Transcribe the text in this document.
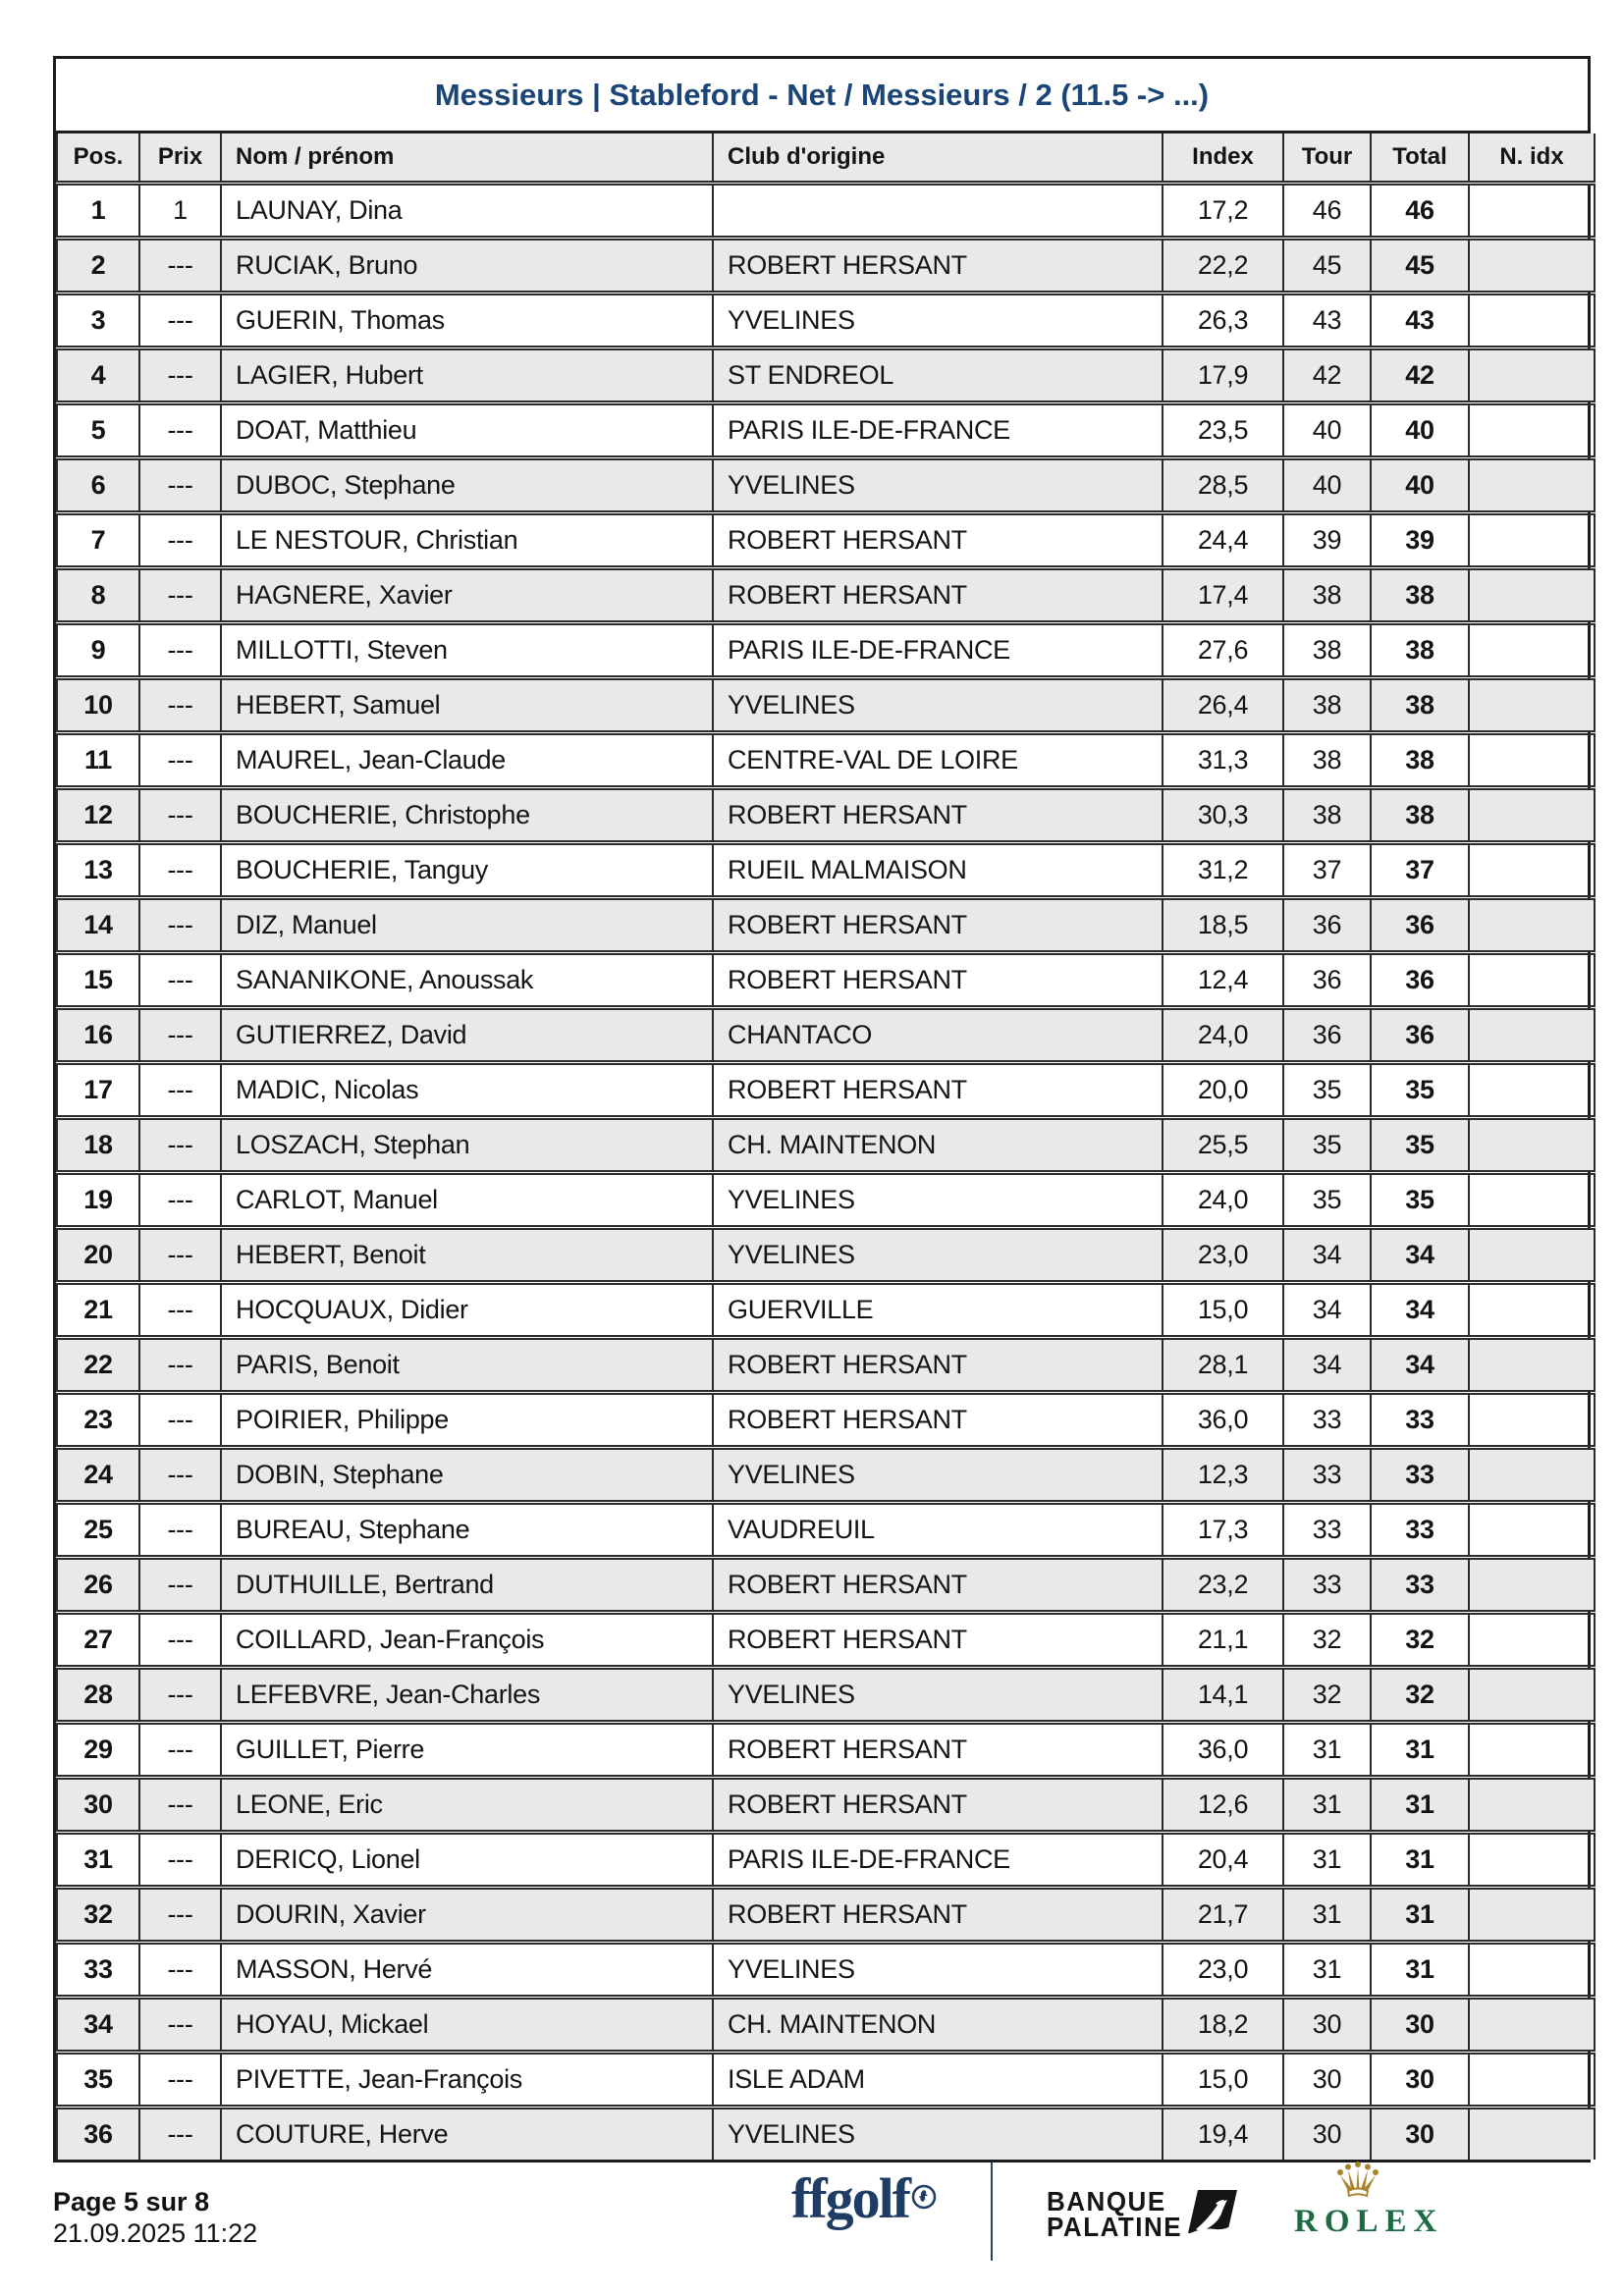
Messieurs | Stableford - Net / Messieurs / 2 (11.5 -> ...)
Pos.	Prix	Nom / prénom	Club d'origine	Index	Tour	Total	N. idx
1	1	LAUNAY, Dina		17,2	46	46	
2	---	RUCIAK, Bruno	ROBERT HERSANT	22,2	45	45	
3	---	GUERIN, Thomas	YVELINES	26,3	43	43	
4	---	LAGIER, Hubert	ST ENDREOL	17,9	42	42	
5	---	DOAT, Matthieu	PARIS ILE-DE-FRANCE	23,5	40	40	
6	---	DUBOC, Stephane	YVELINES	28,5	40	40	
7	---	LE NESTOUR, Christian	ROBERT HERSANT	24,4	39	39	
8	---	HAGNERE, Xavier	ROBERT HERSANT	17,4	38	38	
9	---	MILLOTTI, Steven	PARIS ILE-DE-FRANCE	27,6	38	38	
10	---	HEBERT, Samuel	YVELINES	26,4	38	38	
11	---	MAUREL, Jean-Claude	CENTRE-VAL DE LOIRE	31,3	38	38	
12	---	BOUCHERIE, Christophe	ROBERT HERSANT	30,3	38	38	
13	---	BOUCHERIE, Tanguy	RUEIL MALMAISON	31,2	37	37	
14	---	DIZ, Manuel	ROBERT HERSANT	18,5	36	36	
15	---	SANANIKONE, Anoussak	ROBERT HERSANT	12,4	36	36	
16	---	GUTIERREZ, David	CHANTACO	24,0	36	36	
17	---	MADIC, Nicolas	ROBERT HERSANT	20,0	35	35	
18	---	LOSZACH, Stephan	CH. MAINTENON	25,5	35	35	
19	---	CARLOT, Manuel	YVELINES	24,0	35	35	
20	---	HEBERT, Benoit	YVELINES	23,0	34	34	
21	---	HOCQUAUX, Didier	GUERVILLE	15,0	34	34	
22	---	PARIS, Benoit	ROBERT HERSANT	28,1	34	34	
23	---	POIRIER, Philippe	ROBERT HERSANT	36,0	33	33	
24	---	DOBIN, Stephane	YVELINES	12,3	33	33	
25	---	BUREAU, Stephane	VAUDREUIL	17,3	33	33	
26	---	DUTHUILLE, Bertrand	ROBERT HERSANT	23,2	33	33	
27	---	COILLARD, Jean-François	ROBERT HERSANT	21,1	32	32	
28	---	LEFEBVRE, Jean-Charles	YVELINES	14,1	32	32	
29	---	GUILLET, Pierre	ROBERT HERSANT	36,0	31	31	
30	---	LEONE, Eric	ROBERT HERSANT	12,6	31	31	
31	---	DERICQ, Lionel	PARIS ILE-DE-FRANCE	20,4	31	31	
32	---	DOURIN, Xavier	ROBERT HERSANT	21,7	31	31	
33	---	MASSON, Hervé	YVELINES	23,0	31	31	
34	---	HOYAU, Mickael	CH. MAINTENON	18,2	30	30	
35	---	PIVETTE, Jean-François	ISLE ADAM	15,0	30	30	
36	---	COUTURE, Herve	YVELINES	19,4	30	30	
Page 5 sur 8
21.09.2025 11:22
ffgolf	BANQUE
PALATINE	ROLEX
